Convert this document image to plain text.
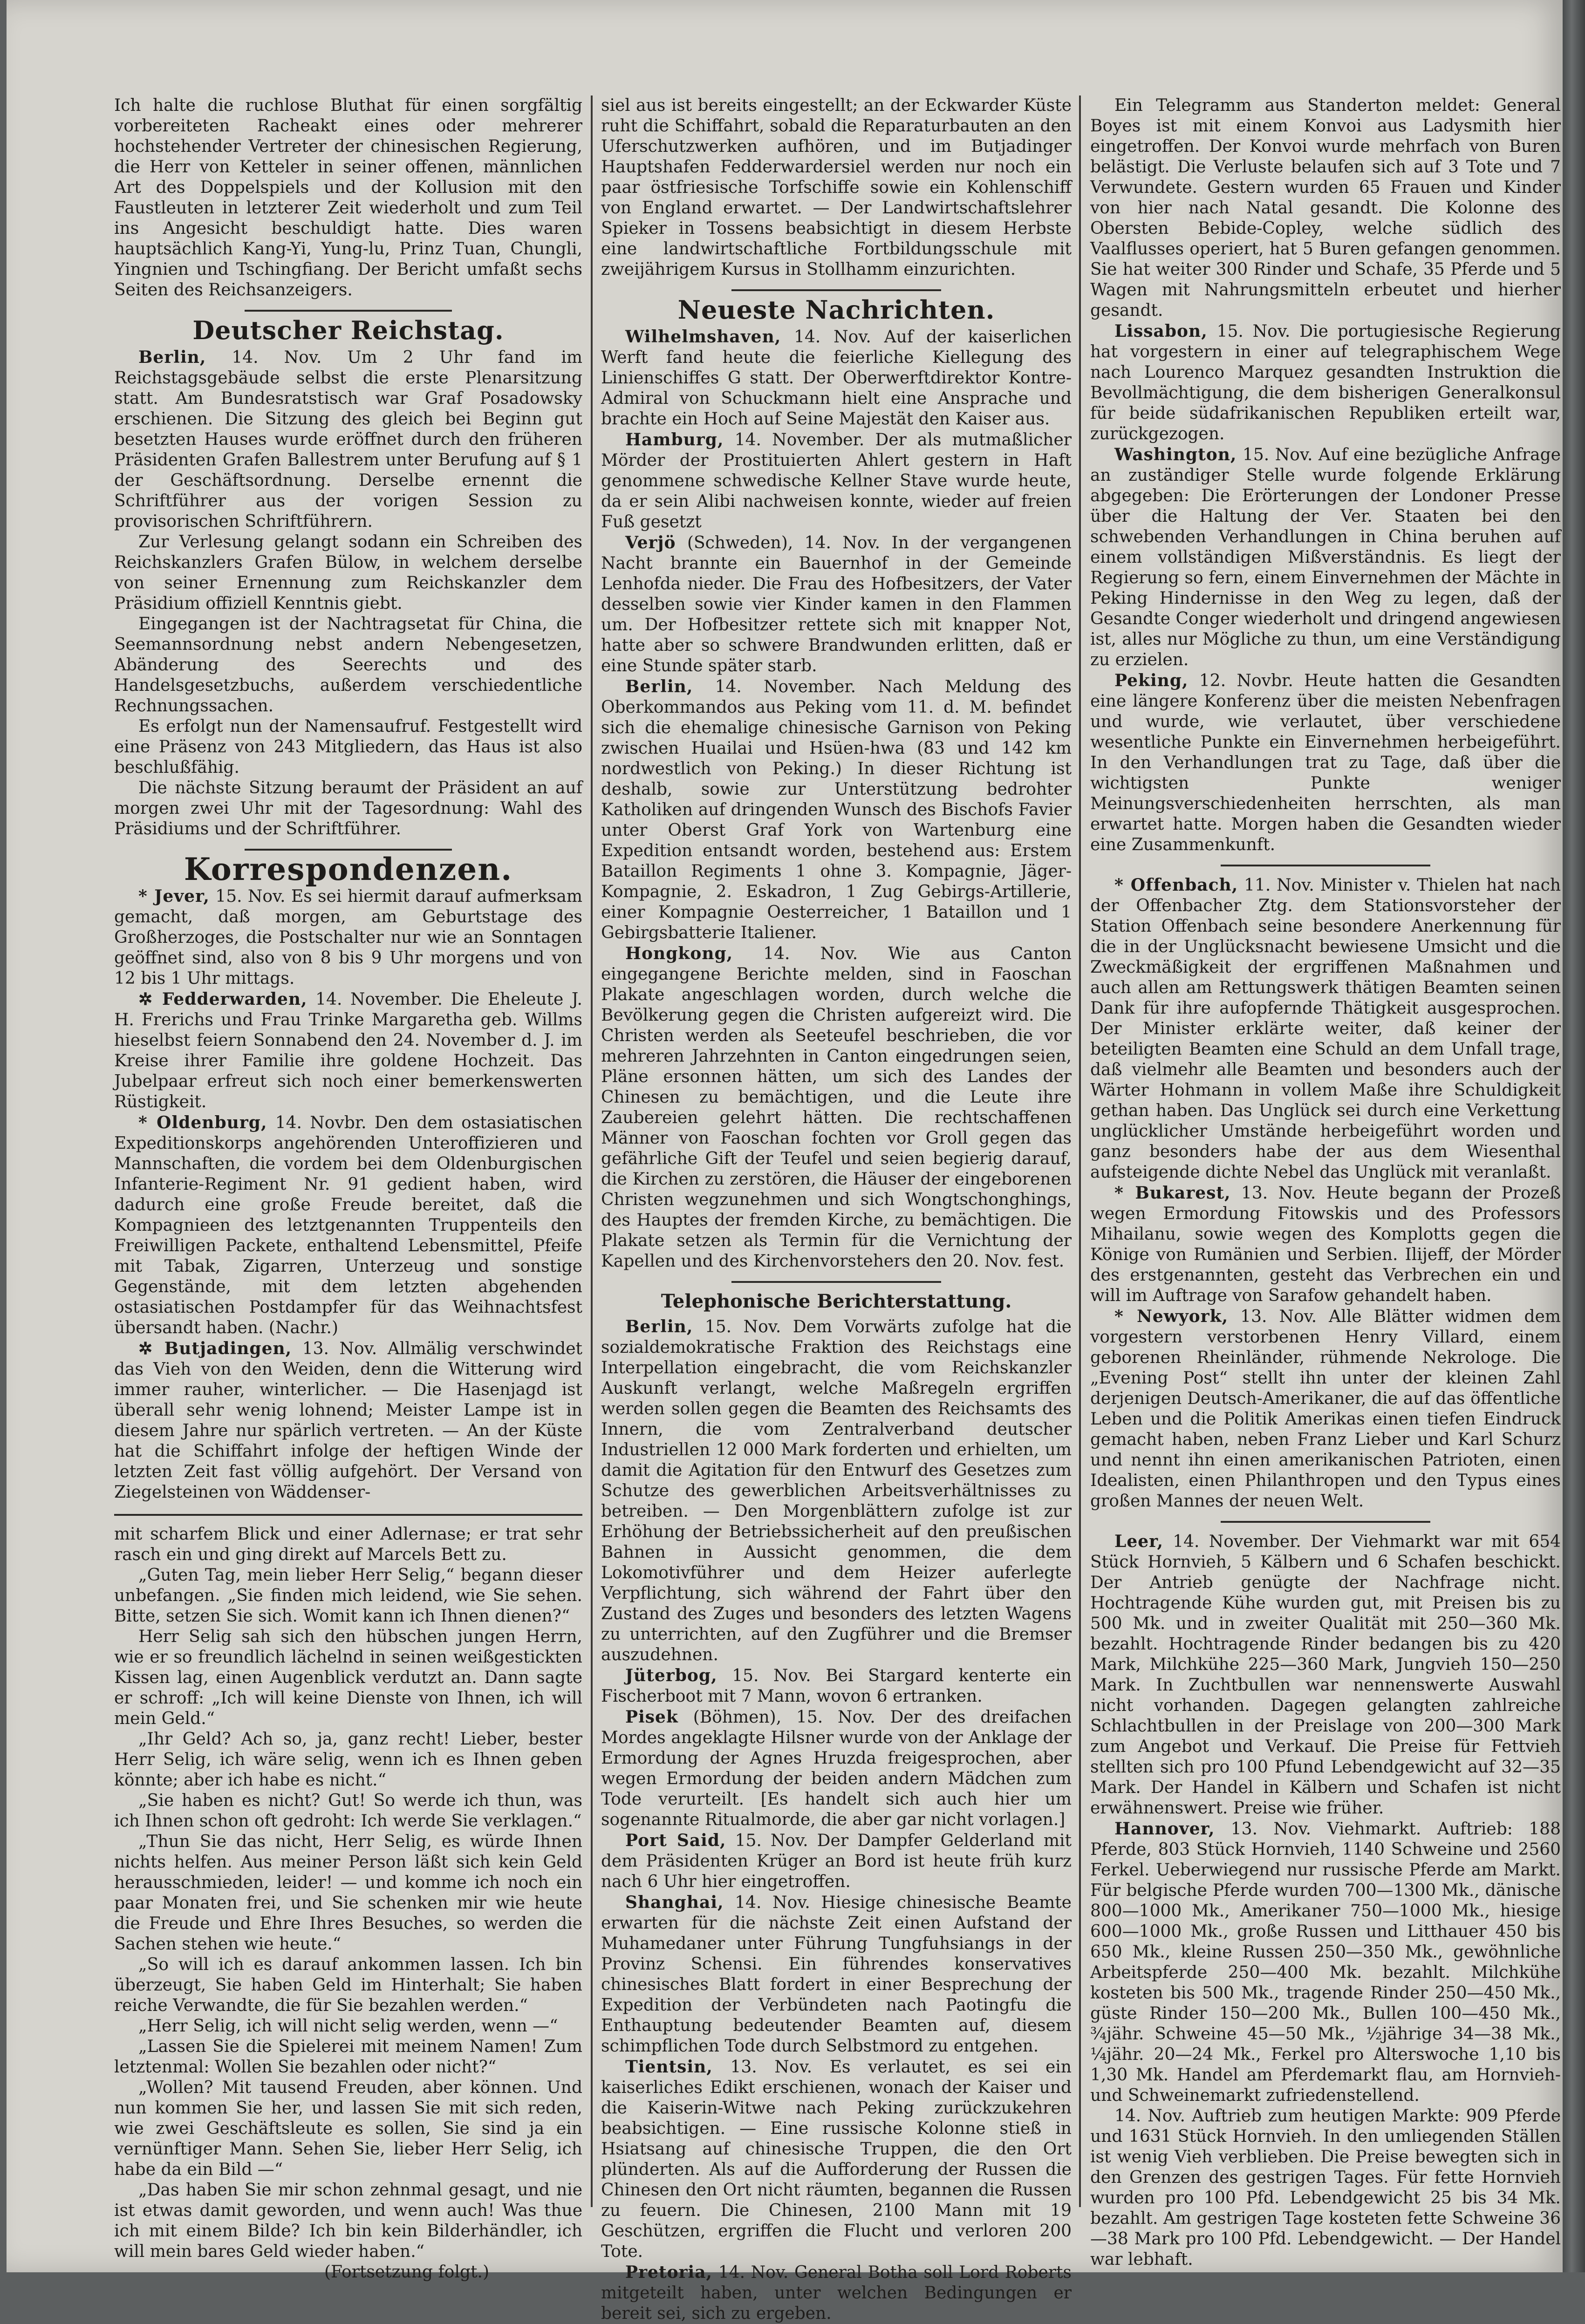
Ich halte die ruchlose Bluthat für einen sorgfältig vorbereiteten Racheakt eines oder mehrerer hochstehender Vertreter der chinesischen Regierung, die Herr von Ketteler in seiner offenen, männlichen Art des Doppelspiels und der Kollusion mit den Faustleuten in letzterer Zeit wiederholt und zum Teil ins Angesicht beschuldigt hatte. Dies waren hauptsächlich Kang-Yi, Yung-lu, Prinz Tuan, Chungli, Yingnien und Tschingfiang. Der Bericht umfaßt sechs Seiten des Reichsanzeigers.

Deutscher Reichstag.

Berlin, 14. Nov. Um 2 Uhr fand im Reichstagsgebäude selbst die erste Plenarsitzung statt. Am Bundesratstisch war Graf Posadowsky erschienen. Die Sitzung des gleich bei Beginn gut besetzten Hauses wurde eröffnet durch den früheren Präsidenten Grafen Ballestrem unter Berufung auf § 1 der Geschäftsordnung. Derselbe ernennt die Schriftführer aus der vorigen Session zu provisorischen Schriftführern.

Zur Verlesung gelangt sodann ein Schreiben des Reichskanzlers Grafen Bülow, in welchem derselbe von seiner Ernennung zum Reichskanzler dem Präsidium offiziell Kenntnis giebt.

Eingegangen ist der Nachtragsetat für China, die Seemannsordnung nebst andern Nebengesetzen, Abänderung des Seerechts und des Handelsgesetzbuchs, außerdem verschiedentliche Rechnungssachen.

Es erfolgt nun der Namensaufruf. Festgestellt wird eine Präsenz von 243 Mitgliedern, das Haus ist also beschlußfähig.

Die nächste Sitzung beraumt der Präsident an auf morgen zwei Uhr mit der Tagesordnung: Wahl des Präsidiums und der Schriftführer.

Korrespondenzen.

* Jever, 15. Nov. Es sei hiermit darauf aufmerksam gemacht, daß morgen, am Geburtstage des Großherzoges, die Postschalter nur wie an Sonntagen geöffnet sind, also von 8 bis 9 Uhr morgens und von 12 bis 1 Uhr mittags.

✲ Fedderwarden, 14. November. Die Eheleute J. H. Frerichs und Frau Trinke Margaretha geb. Willms hieselbst feiern Sonnabend den 24. November d. J. im Kreise ihrer Familie ihre goldene Hochzeit. Das Jubelpaar erfreut sich noch einer bemerkenswerten Rüstigkeit.

* Oldenburg, 14. Novbr. Den dem ostasiatischen Expeditionskorps angehörenden Unteroffizieren und Mannschaften, die vordem bei dem Oldenburgischen Infanterie-Regiment Nr. 91 gedient haben, wird dadurch eine große Freude bereitet, daß die Kompagnieen des letztgenannten Truppenteils den Freiwilligen Packete, enthaltend Lebensmittel, Pfeife mit Tabak, Zigarren, Unterzeug und sonstige Gegenstände, mit dem letzten abgehenden ostasiatischen Postdampfer für das Weihnachtsfest übersandt haben. (Nachr.)

✲ Butjadingen, 13. Nov. Allmälig verschwindet das Vieh von den Weiden, denn die Witterung wird immer rauher, winterlicher. — Die Hasenjagd ist überall sehr wenig lohnend; Meister Lampe ist in diesem Jahre nur spärlich vertreten. — An der Küste hat die Schiffahrt infolge der heftigen Winde der letzten Zeit fast völlig aufgehört. Der Versand von Ziegelsteinen von Wäddenser-

mit scharfem Blick und einer Adlernase; er trat sehr rasch ein und ging direkt auf Marcels Bett zu.

„Guten Tag, mein lieber Herr Selig,“ begann dieser unbefangen. „Sie finden mich leidend, wie Sie sehen. Bitte, setzen Sie sich. Womit kann ich Ihnen dienen?“

Herr Selig sah sich den hübschen jungen Herrn, wie er so freundlich lächelnd in seinen weißgestickten Kissen lag, einen Augenblick verdutzt an. Dann sagte er schroff: „Ich will keine Dienste von Ihnen, ich will mein Geld.“

„Ihr Geld? Ach so, ja, ganz recht! Lieber, bester Herr Selig, ich wäre selig, wenn ich es Ihnen geben könnte; aber ich habe es nicht.“

„Sie haben es nicht? Gut! So werde ich thun, was ich Ihnen schon oft gedroht: Ich werde Sie verklagen.“

„Thun Sie das nicht, Herr Selig, es würde Ihnen nichts helfen. Aus meiner Person läßt sich kein Geld herausschmieden, leider! — und komme ich noch ein paar Monaten frei, und Sie schenken mir wie heute die Freude und Ehre Ihres Besuches, so werden die Sachen stehen wie heute.“

„So will ich es darauf ankommen lassen. Ich bin überzeugt, Sie haben Geld im Hinterhalt; Sie haben reiche Verwandte, die für Sie bezahlen werden.“

„Herr Selig, ich will nicht selig werden, wenn —“

„Lassen Sie die Spielerei mit meinem Namen! Zum letztenmal: Wollen Sie bezahlen oder nicht?“

„Wollen? Mit tausend Freuden, aber können. Und nun kommen Sie her, und lassen Sie mit sich reden, wie zwei Geschäftsleute es sollen, Sie sind ja ein vernünftiger Mann. Sehen Sie, lieber Herr Selig, ich habe da ein Bild —“

„Das haben Sie mir schon zehnmal gesagt, und nie ist etwas damit geworden, und wenn auch! Was thue ich mit einem Bilde? Ich bin kein Bilderhändler, ich will mein bares Geld wieder haben.“

(Fortsetzung folgt.)

siel aus ist bereits eingestellt; an der Eckwarder Küste ruht die Schiffahrt, sobald die Reparaturbauten an den Uferschutzwerken aufhören, und im Butjadinger Hauptshafen Fedderwardersiel werden nur noch ein paar östfriesische Torfschiffe sowie ein Kohlenschiff von England erwartet. — Der Landwirtschaftslehrer Spieker in Tossens beabsichtigt in diesem Herbste eine landwirtschaftliche Fortbildungsschule mit zweijährigem Kursus in Stollhamm einzurichten.

Neueste Nachrichten.

Wilhelmshaven, 14. Nov. Auf der kaiserlichen Werft fand heute die feierliche Kiellegung des Linienschiffes G statt. Der Oberwerftdirektor Kontre-Admiral von Schuckmann hielt eine Ansprache und brachte ein Hoch auf Seine Majestät den Kaiser aus.

Hamburg, 14. November. Der als mutmaßlicher Mörder der Prostituierten Ahlert gestern in Haft genommene schwedische Kellner Stave wurde heute, da er sein Alibi nachweisen konnte, wieder auf freien Fuß gesetzt

Verjö (Schweden), 14. Nov. In der vergangenen Nacht brannte ein Bauernhof in der Gemeinde Lenhofda nieder. Die Frau des Hofbesitzers, der Vater desselben sowie vier Kinder kamen in den Flammen um. Der Hofbesitzer rettete sich mit knapper Not, hatte aber so schwere Brandwunden erlitten, daß er eine Stunde später starb.

Berlin, 14. November. Nach Meldung des Oberkommandos aus Peking vom 11. d. M. befindet sich die ehemalige chinesische Garnison von Peking zwischen Huailai und Hsüen-hwa (83 und 142 km nordwestlich von Peking.) In dieser Richtung ist deshalb, sowie zur Unterstützung bedrohter Katholiken auf dringenden Wunsch des Bischofs Favier unter Oberst Graf York von Wartenburg eine Expedition entsandt worden, bestehend aus: Erstem Bataillon Regiments 1 ohne 3. Kompagnie, Jäger-Kompagnie, 2. Eskadron, 1 Zug Gebirgs-Artillerie, einer Kompagnie Oesterreicher, 1 Bataillon und 1 Gebirgsbatterie Italiener.

Hongkong, 14. Nov. Wie aus Canton eingegangene Berichte melden, sind in Faoschan Plakate angeschlagen worden, durch welche die Bevölkerung gegen die Christen aufgereizt wird. Die Christen werden als Seeteufel beschrieben, die vor mehreren Jahrzehnten in Canton eingedrungen seien, Pläne ersonnen hätten, um sich des Landes der Chinesen zu bemächtigen, und die Leute ihre Zaubereien gelehrt hätten. Die rechtschaffenen Männer von Faoschan fochten vor Groll gegen das gefährliche Gift der Teufel und seien begierig darauf, die Kirchen zu zerstören, die Häuser der eingeborenen Christen wegzunehmen und sich Wongtschonghings, des Hauptes der fremden Kirche, zu bemächtigen. Die Plakate setzen als Termin für die Vernichtung der Kapellen und des Kirchenvorstehers den 20. Nov. fest.

Telephonische Berichterstattung.

Berlin, 15. Nov. Dem Vorwärts zufolge hat die sozialdemokratische Fraktion des Reichstags eine Interpellation eingebracht, die vom Reichskanzler Auskunft verlangt, welche Maßregeln ergriffen werden sollen gegen die Beamten des Reichsamts des Innern, die vom Zentralverband deutscher Industriellen 12 000 Mark forderten und erhielten, um damit die Agitation für den Entwurf des Gesetzes zum Schutze des gewerblichen Arbeitsverhältnisses zu betreiben. — Den Morgenblättern zufolge ist zur Erhöhung der Betriebssicherheit auf den preußischen Bahnen in Aussicht genommen, die dem Lokomotivführer und dem Heizer auferlegte Verpflichtung, sich während der Fahrt über den Zustand des Zuges und besonders des letzten Wagens zu unterrichten, auf den Zugführer und die Bremser auszudehnen.

Jüterbog, 15. Nov. Bei Stargard kenterte ein Fischerboot mit 7 Mann, wovon 6 ertranken.

Pisek (Böhmen), 15. Nov. Der des dreifachen Mordes angeklagte Hilsner wurde von der Anklage der Ermordung der Agnes Hruzda freigesprochen, aber wegen Ermordung der beiden andern Mädchen zum Tode verurteilt. [Es handelt sich auch hier um sogenannte Ritualmorde, die aber gar nicht vorlagen.]

Port Said, 15. Nov. Der Dampfer Gelderland mit dem Präsidenten Krüger an Bord ist heute früh kurz nach 6 Uhr hier eingetroffen.

Shanghai, 14. Nov. Hiesige chinesische Beamte erwarten für die nächste Zeit einen Aufstand der Muhamedaner unter Führung Tungfuhsiangs in der Provinz Schensi. Ein führendes konservatives chinesisches Blatt fordert in einer Besprechung der Expedition der Verbündeten nach Paotingfu die Enthauptung bedeutender Beamten auf, diesem schimpflichen Tode durch Selbstmord zu entgehen.

Tientsin, 13. Nov. Es verlautet, es sei ein kaiserliches Edikt erschienen, wonach der Kaiser und die Kaiserin-Witwe nach Peking zurückzukehren beabsichtigen. — Eine russische Kolonne stieß in Hsiatsang auf chinesische Truppen, die den Ort plünderten. Als auf die Aufforderung der Russen die Chinesen den Ort nicht räumten, begannen die Russen zu feuern. Die Chinesen, 2100 Mann mit 19 Geschützen, ergriffen die Flucht und verloren 200 Tote.

Pretoria, 14. Nov. General Botha soll Lord Roberts mitgeteilt haben, unter welchen Bedingungen er bereit sei, sich zu ergeben.

Ein Telegramm aus Standerton meldet: General Boyes ist mit einem Konvoi aus Ladysmith hier eingetroffen. Der Konvoi wurde mehrfach von Buren belästigt. Die Verluste belaufen sich auf 3 Tote und 7 Verwundete. Gestern wurden 65 Frauen und Kinder von hier nach Natal gesandt. Die Kolonne des Obersten Bebide-Copley, welche südlich des Vaalflusses operiert, hat 5 Buren gefangen genommen. Sie hat weiter 300 Rinder und Schafe, 35 Pferde und 5 Wagen mit Nahrungsmitteln erbeutet und hierher gesandt.

Lissabon, 15. Nov. Die portugiesische Regierung hat vorgestern in einer auf telegraphischem Wege nach Lourenco Marquez gesandten Instruktion die Bevollmächtigung, die dem bisherigen Generalkonsul für beide südafrikanischen Republiken erteilt war, zurückgezogen.

Washington, 15. Nov. Auf eine bezügliche Anfrage an zuständiger Stelle wurde folgende Erklärung abgegeben: Die Erörterungen der Londoner Presse über die Haltung der Ver. Staaten bei den schwebenden Verhandlungen in China beruhen auf einem vollständigen Mißverständnis. Es liegt der Regierung so fern, einem Einvernehmen der Mächte in Peking Hindernisse in den Weg zu legen, daß der Gesandte Conger wiederholt und dringend angewiesen ist, alles nur Mögliche zu thun, um eine Verständigung zu erzielen.

Peking, 12. Novbr. Heute hatten die Gesandten eine längere Konferenz über die meisten Nebenfragen und wurde, wie verlautet, über verschiedene wesentliche Punkte ein Einvernehmen herbeigeführt. In den Verhandlungen trat zu Tage, daß über die wichtigsten Punkte weniger Meinungsverschiedenheiten herrschten, als man erwartet hatte. Morgen haben die Gesandten wieder eine Zusammenkunft.

* Offenbach, 11. Nov. Minister v. Thielen hat nach der Offenbacher Ztg. dem Stationsvorsteher der Station Offenbach seine besondere Anerkennung für die in der Unglücksnacht bewiesene Umsicht und die Zweckmäßigkeit der ergriffenen Maßnahmen und auch allen am Rettungswerk thätigen Beamten seinen Dank für ihre aufopfernde Thätigkeit ausgesprochen. Der Minister erklärte weiter, daß keiner der beteiligten Beamten eine Schuld an dem Unfall trage, daß vielmehr alle Beamten und besonders auch der Wärter Hohmann in vollem Maße ihre Schuldigkeit gethan haben. Das Unglück sei durch eine Verkettung unglücklicher Umstände herbeigeführt worden und ganz besonders habe der aus dem Wiesenthal aufsteigende dichte Nebel das Unglück mit veranlaßt.

* Bukarest, 13. Nov. Heute begann der Prozeß wegen Ermordung Fitowskis und des Professors Mihailanu, sowie wegen des Komplotts gegen die Könige von Rumänien und Serbien. Ilijeff, der Mörder des erstgenannten, gesteht das Verbrechen ein und will im Auftrage von Sarafow gehandelt haben.

* Newyork, 13. Nov. Alle Blätter widmen dem vorgestern verstorbenen Henry Villard, einem geborenen Rheinländer, rühmende Nekrologe. Die „Evening Post“ stellt ihn unter der kleinen Zahl derjenigen Deutsch-Amerikaner, die auf das öffentliche Leben und die Politik Amerikas einen tiefen Eindruck gemacht haben, neben Franz Lieber und Karl Schurz und nennt ihn einen amerikanischen Patrioten, einen Idealisten, einen Philanthropen und den Typus eines großen Mannes der neuen Welt.

Leer, 14. November. Der Viehmarkt war mit 654 Stück Hornvieh, 5 Kälbern und 6 Schafen beschickt. Der Antrieb genügte der Nachfrage nicht. Hochtragende Kühe wurden gut, mit Preisen bis zu 500 Mk. und in zweiter Qualität mit 250—360 Mk. bezahlt. Hochtragende Rinder bedangen bis zu 420 Mark, Milchkühe 225—360 Mark, Jungvieh 150—250 Mark. In Zuchtbullen war nennenswerte Auswahl nicht vorhanden. Dagegen gelangten zahlreiche Schlachtbullen in der Preislage von 200—300 Mark zum Angebot und Verkauf. Die Preise für Fettvieh stellten sich pro 100 Pfund Lebendgewicht auf 32—35 Mark. Der Handel in Kälbern und Schafen ist nicht erwähnenswert. Preise wie früher.

Hannover, 13. Nov. Viehmarkt. Auftrieb: 188 Pferde, 803 Stück Hornvieh, 1140 Schweine und 2560 Ferkel. Ueberwiegend nur russische Pferde am Markt. Für belgische Pferde wurden 700—1300 Mk., dänische 800—1000 Mk., Amerikaner 750—1000 Mk., hiesige 600—1000 Mk., große Russen und Litthauer 450 bis 650 Mk., kleine Russen 250—350 Mk., gewöhnliche Arbeitspferde 250—400 Mk. bezahlt. Milchkühe kosteten bis 500 Mk., tragende Rinder 250—450 Mk., güste Rinder 150—200 Mk., Bullen 100—450 Mk., ¾jähr. Schweine 45—50 Mk., ½jährige 34—38 Mk., ¼jähr. 20—24 Mk., Ferkel pro Alterswoche 1,10 bis 1,30 Mk. Handel am Pferdemarkt flau, am Hornvieh- und Schweinemarkt zufriedenstellend.

14. Nov. Auftrieb zum heutigen Markte: 909 Pferde und 1631 Stück Hornvieh. In den umliegenden Ställen ist wenig Vieh verblieben. Die Preise bewegten sich in den Grenzen des gestrigen Tages. Für fette Hornvieh wurden pro 100 Pfd. Lebendgewicht 25 bis 34 Mk. bezahlt. Am gestrigen Tage kosteten fette Schweine 36—38 Mark pro 100 Pfd. Lebendgewicht. — Der Handel war lebhaft.
